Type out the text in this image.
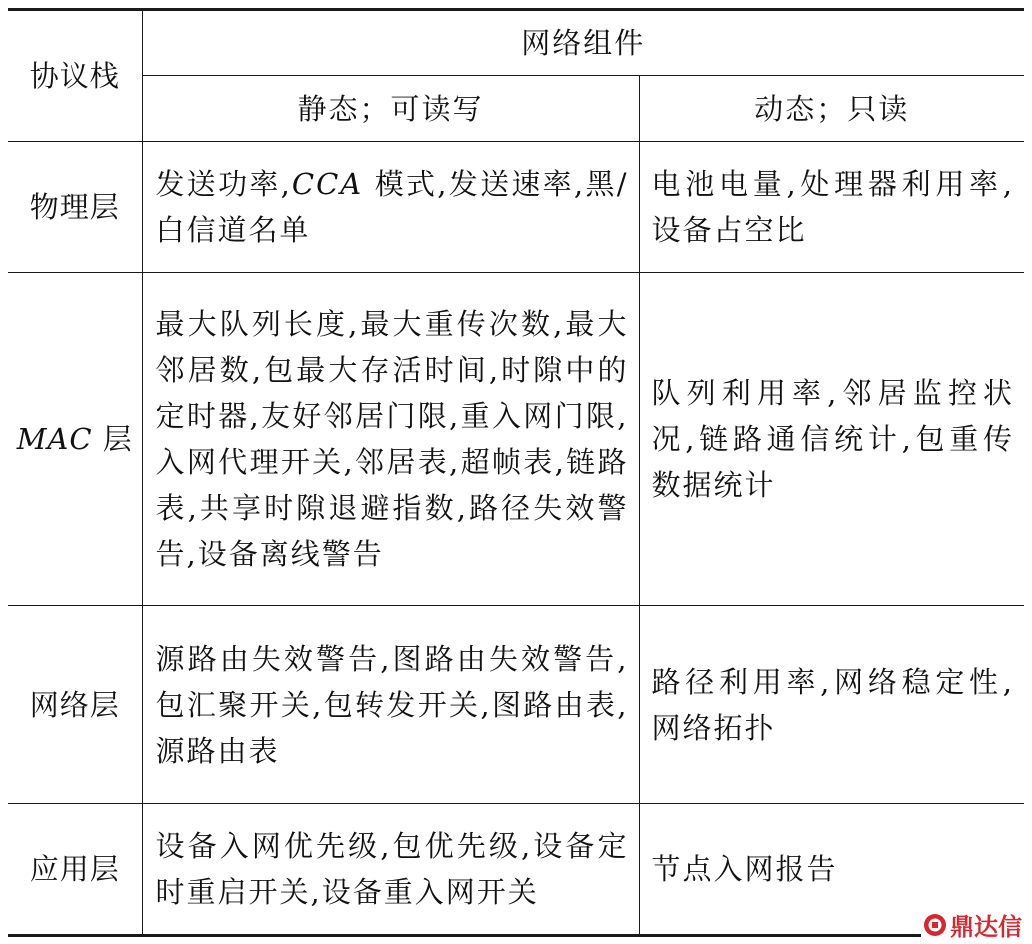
协议栈	网络组件	
	静态；可读写	动态；只读
物理层	发送功率,CCA 模式,发送速率,黑/白信道名单	电池电量,处理器利用率,设备占空比
MAC 层	最大队列长度,最大重传次数,最大邻居数,包最大存活时间,时隙中的定时器,友好邻居门限,重入网门限,入网代理开关,邻居表,超帧表,链路表,共享时隙退避指数,路径失效警告,设备离线警告	队列利用率,邻居监控状况,链路通信统计,包重传数据统计
网络层	源路由失效警告,图路由失效警告,包汇聚开关,包转发开关,图路由表,源路由表	路径利用率,网络稳定性,网络拓扑
应用层	设备入网优先级,包优先级,设备定时重启开关,设备重入网开关	节点入网报告
鼎达信
